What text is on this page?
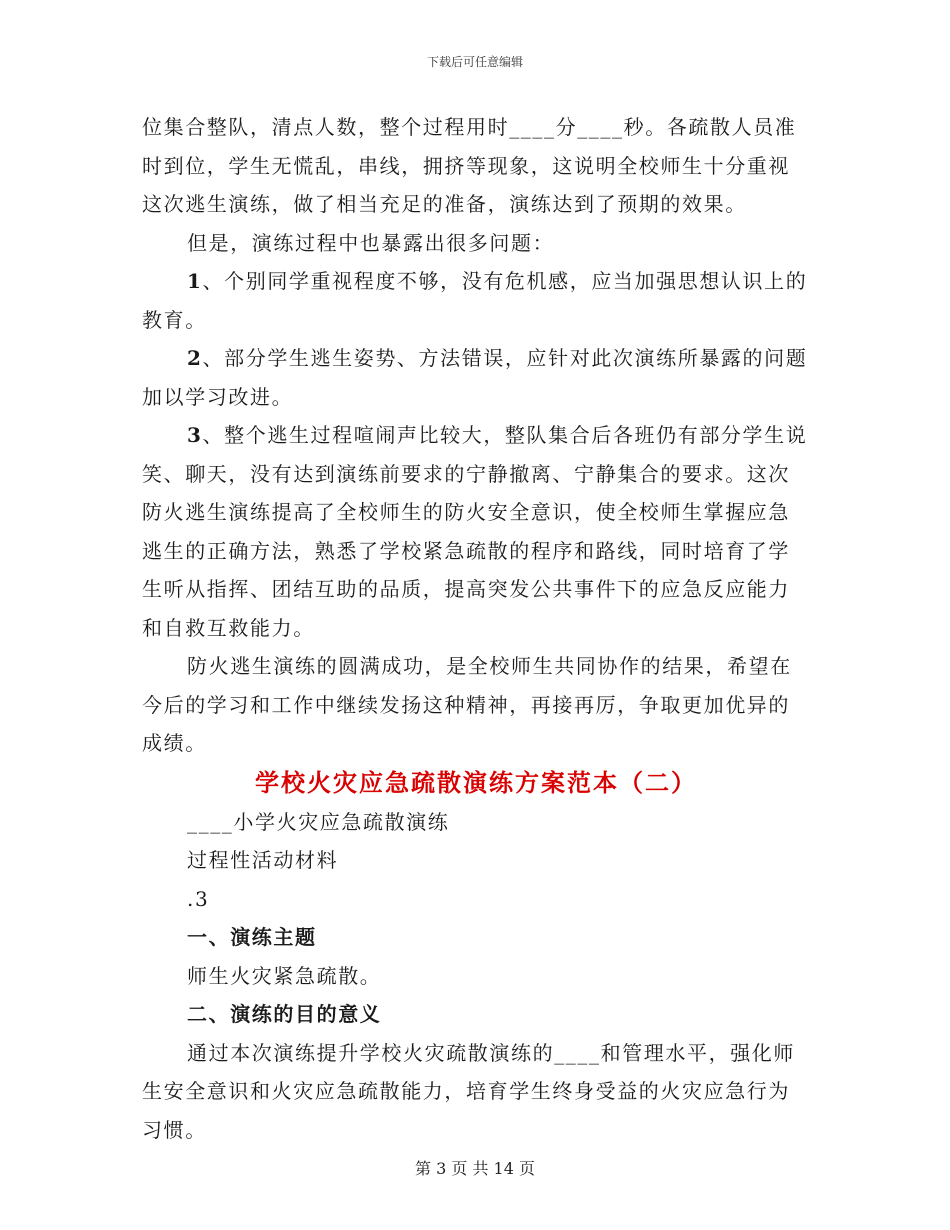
下载后可任意编辑

位集合整队，清点人数，整个过程用时____分____秒。各疏散人员准时到位，学生无慌乱，串线，拥挤等现象，这说明全校师生十分重视这次逃生演练，做了相当充足的准备，演练达到了预期的效果。

但是，演练过程中也暴露出很多问题：

1、个别同学重视程度不够，没有危机感，应当加强思想认识上的教育。

2、部分学生逃生姿势、方法错误，应针对此次演练所暴露的问题加以学习改进。

3、整个逃生过程喧闹声比较大，整队集合后各班仍有部分学生说笑、聊天，没有达到演练前要求的宁静撤离、宁静集合的要求。这次防火逃生演练提高了全校师生的防火安全意识，使全校师生掌握应急逃生的正确方法，熟悉了学校紧急疏散的程序和路线，同时培育了学生听从指挥、团结互助的品质，提高突发公共事件下的应急反应能力和自救互救能力。

防火逃生演练的圆满成功，是全校师生共同协作的结果，希望在今后的学习和工作中继续发扬这种精神，再接再厉，争取更加优异的成绩。

学校火灾应急疏散演练方案范本（二）

____小学火灾应急疏散演练

过程性活动材料

.3

一、演练主题

师生火灾紧急疏散。

二、演练的目的意义

通过本次演练提升学校火灾疏散演练的____和管理水平，强化师生安全意识和火灾应急疏散能力，培育学生终身受益的火灾应急行为习惯。

第 3 页 共 14 页
